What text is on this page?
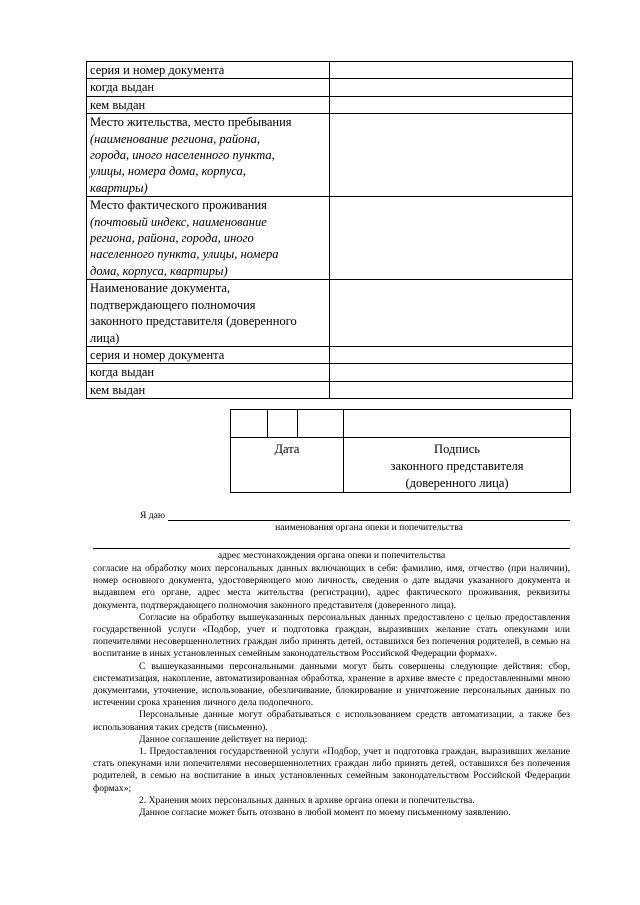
серия и номер документа	
когда выдан	
кем выдан	

Место жительства, место пребывания
(наименование региона, района,
города, иного населенного пункта,
улицы, номера дома, корпуса,
квартиры)	

Место фактического проживания
(почтовый индекс, наименование
региона, района, города, иного
населенного пункта, улицы, номера
дома, корпуса, квартиры)	

Наименование документа,
подтверждающего полномочия
законного представителя (доверенного
лица)	

серия и номер документа	
когда выдан	
кем выдан	

Дата			Подпись
законного представителя
(доверенного лица)
Я даю
наименования органа опеки и попечительства
адрес местонахождения органа опеки и попечительства

согласие на обработку моих персональных данных включающих в себя: фамилию, имя, отчество (при наличии), номер основного документа, удостоверяющего мою личность, сведения о дате выдачи указанного документа и выдавшем его органе, адрес места жительства (регистрации), адрес фактического проживания, реквизиты документа, подтверждающего полномочия законного представителя (доверенного лица).

Согласие на обработку вышеуказанных персональных данных предоставлено с целью предоставления государственной услуги «Подбор, учет и подготовка граждан, выразивших желание стать опекунами или попечителями несовершеннолетних граждан либо принять детей, оставшихся без попечения родителей, в семью на воспитание в иных установленных семейным законодательством Российской Федерации формах».

С вышеуказанными персональными данными могут быть совершены следующие действия: сбор, систематизация, накопление, автоматизированная обработка, хранение в архиве вместе с предоставленными мною документами, уточнение, использование, обезличивание, блокирование и уничтожение персональных данных по истечении срока хранения личного дела подопечного.

Персональные данные могут обрабатываться с использованием средств автоматизации, а также без использования таких средств (письменно).

Данное соглашение действует на период:

1. Предоставления государственной услуги «Подбор, учет и подготовка граждан, выразивших желание стать опекунами или попечителями несовершеннолетних граждан либо принять детей, оставшихся без попечения родителей, в семью на воспитание в иных установленных семейным законодательством Российской Федерации формах»;

2. Хранения моих персональных данных в архиве органа опеки и попечительства.

Данное согласие может быть отозвано в любой момент по моему письменному заявлению.
